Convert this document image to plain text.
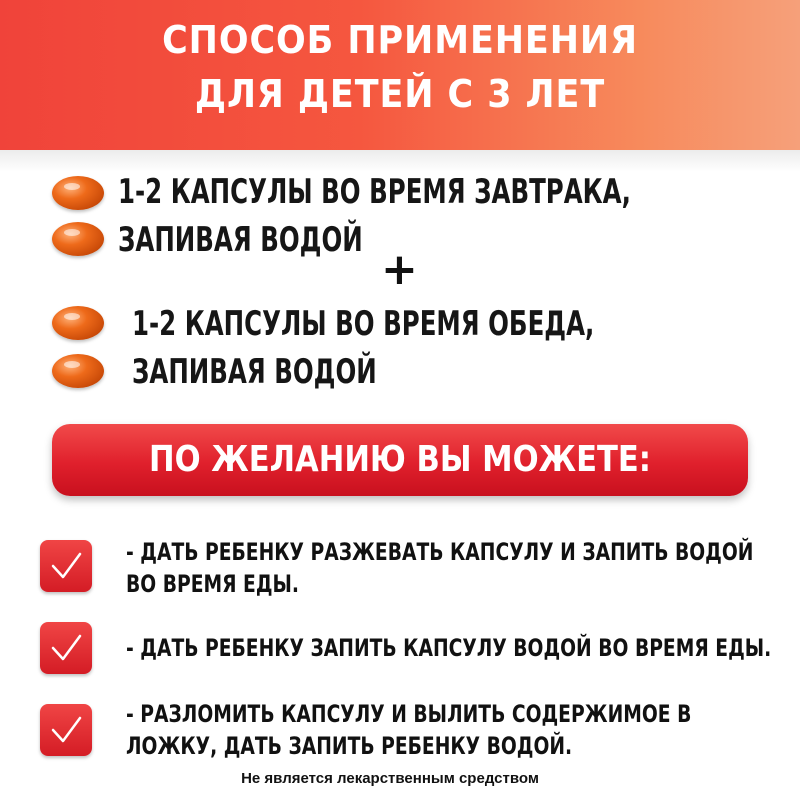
СПОСОБ ПРИМЕНЕНИЯ
ДЛЯ ДЕТЕЙ С 3 ЛЕТ
1-2 КАПСУЛЫ ВО ВРЕМЯ ЗАВТРАКА,
ЗАПИВАЯ ВОДОЙ
+
1-2 КАПСУЛЫ ВО ВРЕМЯ ОБЕДА,
ЗАПИВАЯ ВОДОЙ
ПО ЖЕЛАНИЮ ВЫ МОЖЕТЕ:
- ДАТЬ РЕБЕНКУ РАЗЖЕВАТЬ КАПСУЛУ И ЗАПИТЬ ВОДОЙ
ВО ВРЕМЯ ЕДЫ.
- ДАТЬ РЕБЕНКУ ЗАПИТЬ КАПСУЛУ ВОДОЙ ВО ВРЕМЯ ЕДЫ.
- РАЗЛОМИТЬ КАПСУЛУ И ВЫЛИТЬ СОДЕРЖИМОЕ В
ЛОЖКУ, ДАТЬ ЗАПИТЬ РЕБЕНКУ ВОДОЙ.
Не является лекарственным средством
